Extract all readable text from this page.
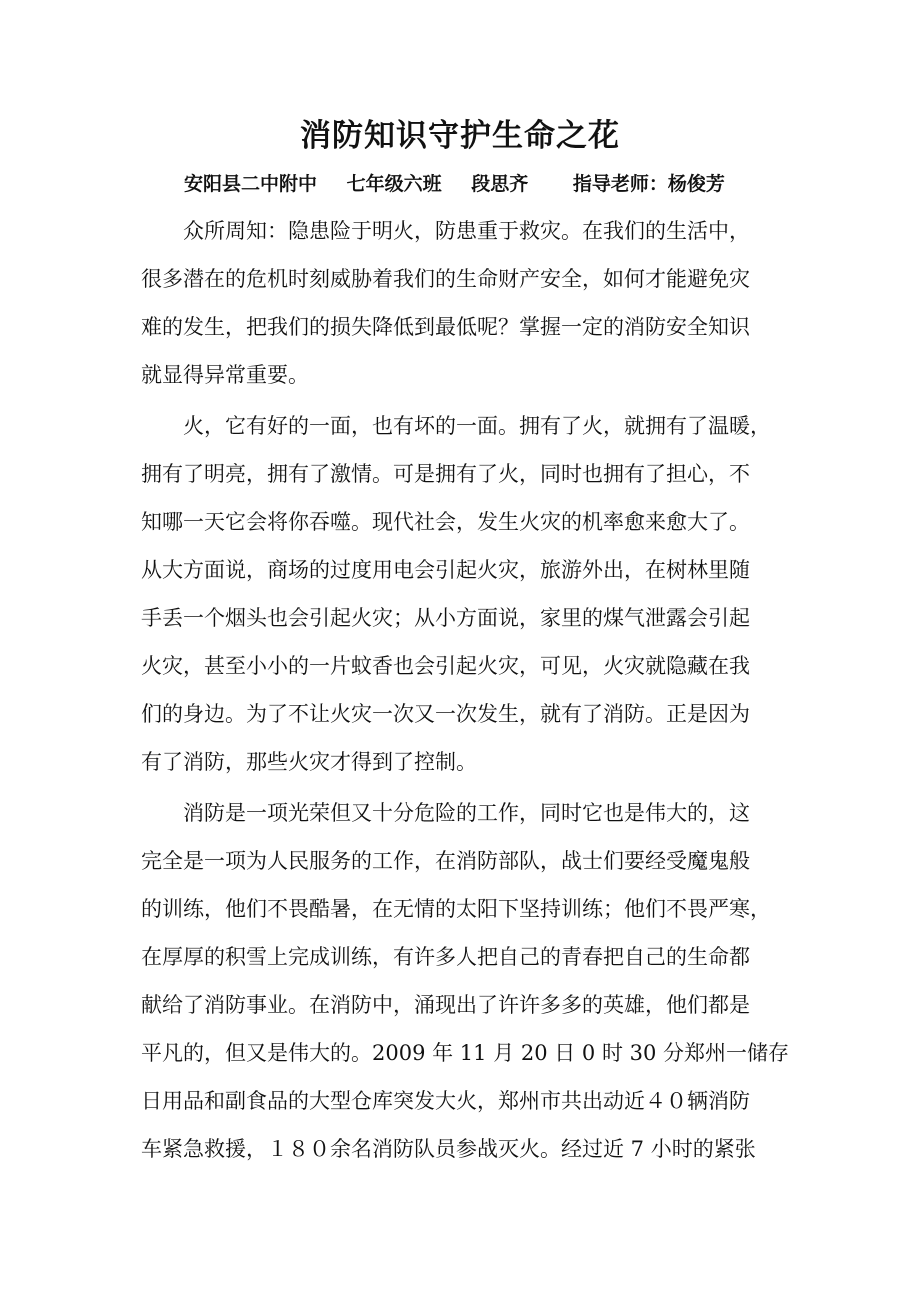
消防知识守护生命之花
安阳县二中附中 七年级六班 段思齐 指导老师：杨俊芳
众所周知：隐患险于明火，防患重于救灾。在我们的生活中，
很多潜在的危机时刻威胁着我们的生命财产安全，如何才能避免灾
难的发生，把我们的损失降低到最低呢？掌握一定的消防安全知识
就显得异常重要。
火，它有好的一面，也有坏的一面。拥有了火，就拥有了温暖，
拥有了明亮，拥有了激情。可是拥有了火，同时也拥有了担心，不
知哪一天它会将你吞噬。现代社会，发生火灾的机率愈来愈大了。
从大方面说，商场的过度用电会引起火灾，旅游外出，在树林里随
手丢一个烟头也会引起火灾；从小方面说，家里的煤气泄露会引起
火灾，甚至小小的一片蚊香也会引起火灾，可见，火灾就隐藏在我
们的身边。为了不让火灾一次又一次发生，就有了消防。正是因为
有了消防，那些火灾才得到了控制。
消防是一项光荣但又十分危险的工作，同时它也是伟大的，这
完全是一项为人民服务的工作，在消防部队，战士们要经受魔鬼般
的训练，他们不畏酷暑，在无情的太阳下坚持训练；他们不畏严寒，
在厚厚的积雪上完成训练，有许多人把自己的青春把自己的生命都
献给了消防事业。在消防中，涌现出了许许多多的英雄，他们都是
平凡的，但又是伟大的。2009 年 11 月 20 日 0 时 30 分郑州一储存
日用品和副食品的大型仓库突发大火，郑州市共出动近４０辆消防
车紧急救援，１８０余名消防队员参战灭火。经过近 7 小时的紧张
